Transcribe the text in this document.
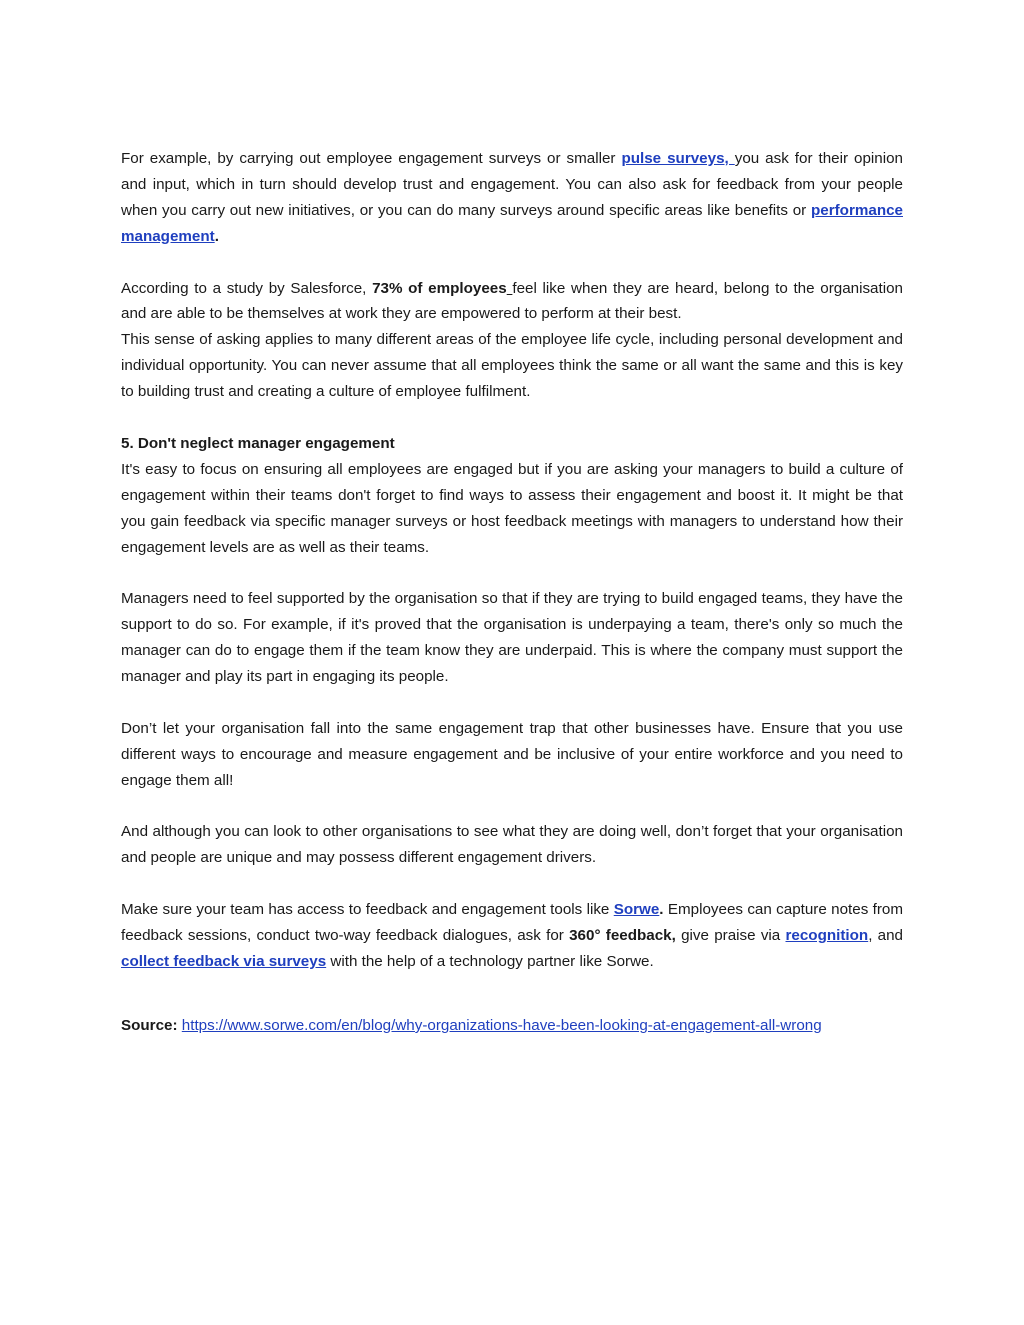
For example, by carrying out employee engagement surveys or smaller pulse surveys, you ask for their opinion and input, which in turn should develop trust and engagement. You can also ask for feedback from your people when you carry out new initiatives, or you can do many surveys around specific areas like benefits or performance management.

According to a study by Salesforce, 73% of employees feel like when they are heard, belong to the organisation and are able to be themselves at work they are empowered to perform at their best.

This sense of asking applies to many different areas of the employee life cycle, including personal development and individual opportunity. You can never assume that all employees think the same or all want the same and this is key to building trust and creating a culture of employee fulfilment.

5. Don't neglect manager engagement

It's easy to focus on ensuring all employees are engaged but if you are asking your managers to build a culture of engagement within their teams don't forget to find ways to assess their engagement and boost it. It might be that you gain feedback via specific manager surveys or host feedback meetings with managers to understand how their engagement levels are as well as their teams.

Managers need to feel supported by the organisation so that if they are trying to build engaged teams, they have the support to do so. For example, if it's proved that the organisation is underpaying a team, there's only so much the manager can do to engage them if the team know they are underpaid. This is where the company must support the manager and play its part in engaging its people.

Don’t let your organisation fall into the same engagement trap that other businesses have. Ensure that you use different ways to encourage and measure engagement and be inclusive of your entire workforce and you need to engage them all!

And although you can look to other organisations to see what they are doing well, don’t forget that your organisation and people are unique and may possess different engagement drivers.

Make sure your team has access to feedback and engagement tools like Sorwe. Employees can capture notes from feedback sessions, conduct two-way feedback dialogues, ask for 360° feedback, give praise via recognition, and collect feedback via surveys with the help of a technology partner like Sorwe.

Source: https://www.sorwe.com/en/blog/why-organizations-have-been-looking-at-engagement-all-wrong
